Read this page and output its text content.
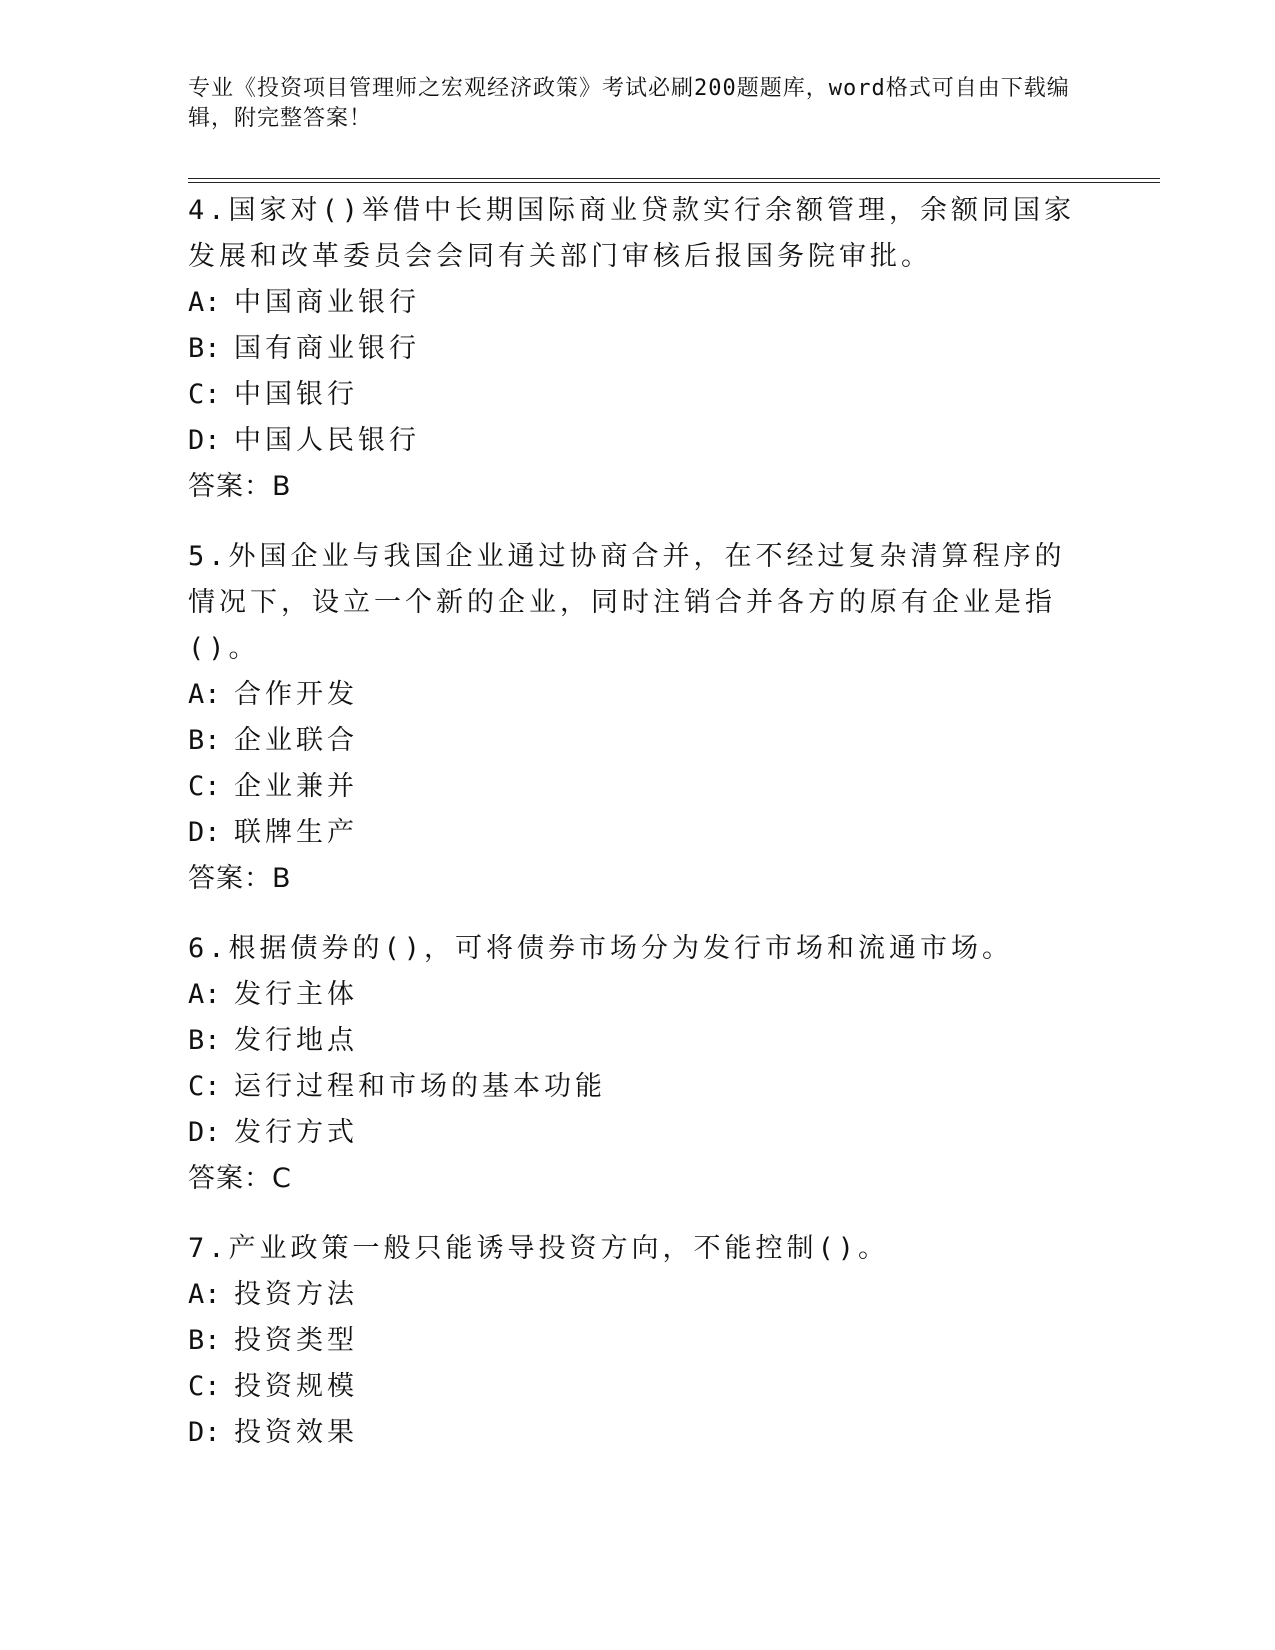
专业《投资项目管理师之宏观经济政策》考试必刷200题题库，word格式可自由下载编辑，附完整答案！
4.国家对()举借中长期国际商业贷款实行余额管理，余额同国家发展和改革委员会会同有关部门审核后报国务院审批。
A: 中国商业银行
B: 国有商业银行
C: 中国银行
D: 中国人民银行
答案：B
5.外国企业与我国企业通过协商合并，在不经过复杂清算程序的情况下，设立一个新的企业，同时注销合并各方的原有企业是指()。
A: 合作开发
B: 企业联合
C: 企业兼并
D: 联牌生产
答案：B
6.根据债券的()，可将债券市场分为发行市场和流通市场。
A: 发行主体
B: 发行地点
C: 运行过程和市场的基本功能
D: 发行方式
答案：C
7.产业政策一般只能诱导投资方向，不能控制()。
A: 投资方法
B: 投资类型
C: 投资规模
D: 投资效果
